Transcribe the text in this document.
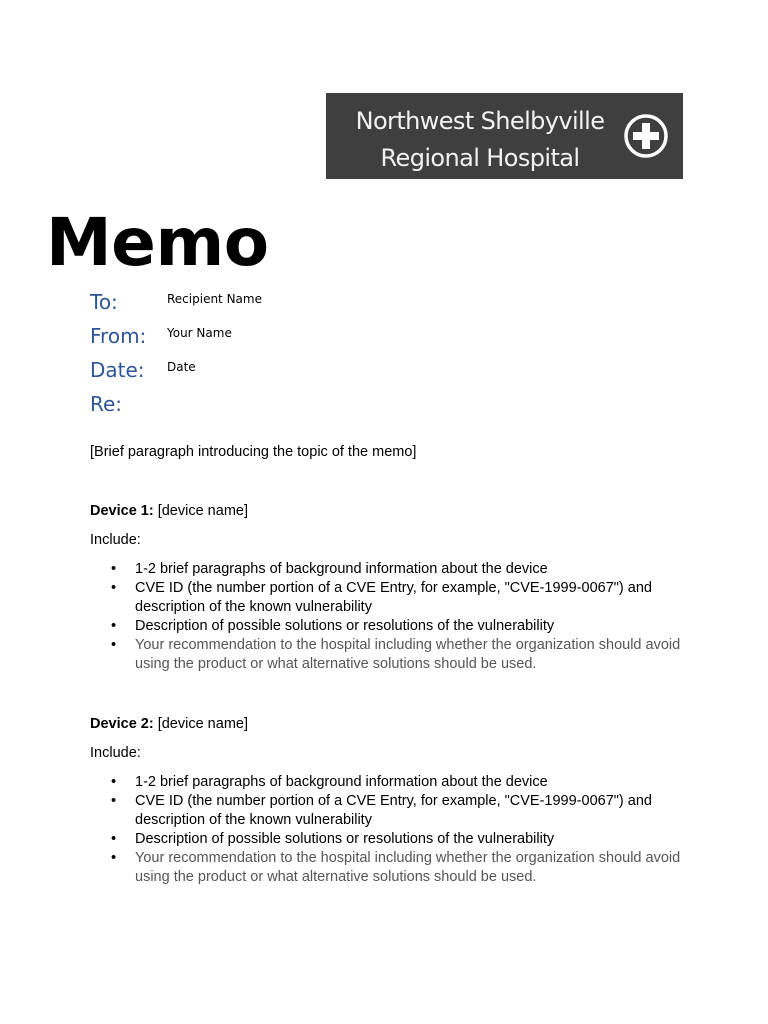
Northwest Shelbyville
Regional Hospital
Memo
To:	Recipient Name
From: Your Name
Date: Date
Re:

[Brief paragraph introducing the topic of the memo]

Device 1: [device name]

Include:

• 1-2 brief paragraphs of background information about the device
• CVE ID (the number portion of a CVE Entry, for example, "CVE-1999-0067") and description of the known vulnerability
• Description of possible solutions or resolutions of the vulnerability
• Your recommendation to the hospital including whether the organization should avoid using the product or what alternative solutions should be used.

Device 2: [device name]

Include:

• 1-2 brief paragraphs of background information about the device
• CVE ID (the number portion of a CVE Entry, for example, "CVE-1999-0067") and description of the known vulnerability
• Description of possible solutions or resolutions of the vulnerability
• Your recommendation to the hospital including whether the organization should avoid using the product or what alternative solutions should be used.
